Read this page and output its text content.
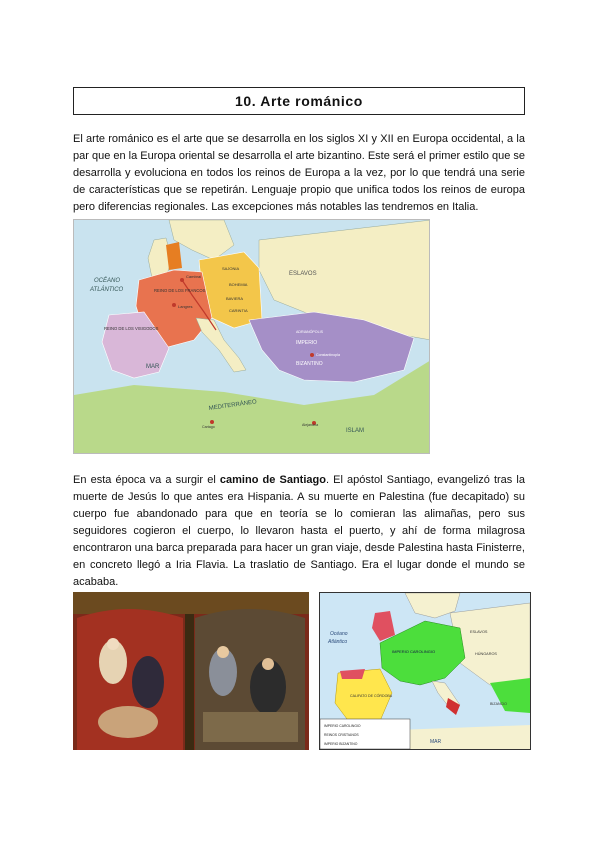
10. Arte románico

El arte románico es el arte que se desarrolla en los siglos XI y XII en Europa occidental, a la par que en la Europa oriental se desarrolla el arte bizantino. Este será el primer estilo que se desarrolla y evoluciona en todos los reinos de Europa a la vez, por lo que tendrá una serie de características que se repetirán. Lenguaje propio que unifica todos los reinos de europa pero diferencias regionales. Las excepciones más notables las tendremos en Italia.

OCÉANO
ATLÁNTICO
ESLAVOS
SAJONIA
BOHEMIA
BAVIERA
CARINTIA
REINO DE LOS FRANCOS
Cambrai
Langres
REINO DE LOS VISIGODOS
IMPERIO
BIZANTINO
ADRIANÓPOLIS
Constantinopla
MAR
MEDITERRÁNEO
ISLAM
Alejandría
Cartago

En esta época va a surgir el camino de Santiago. El apóstol Santiago, evangelizó tras la muerte de Jesús lo que antes era Hispania. A su muerte en Palestina (fue decapitado) su cuerpo fue abandonado para que en teoría se lo comieran las alimañas, pero sus seguidores cogieron el cuerpo, lo llevaron hasta el puerto, y ahí de forma milagrosa encontraron una barca preparada para hacer un gran viaje, desde Palestina hasta Finisterre, en concreto llegó a Iria Flavia. La traslatio de Santiago. Era el lugar donde el mundo se acababa.

Océano
Atlántico
IMPERIO CAROLINGIO
ESLAVOS
HÚNGAROS
CALIFATO DE CÓRDOBA
BIZANCIO
MAR
IMPERIO CAROLINGIO
REINOS CRISTIANOS
IMPERIO BIZANTINO
